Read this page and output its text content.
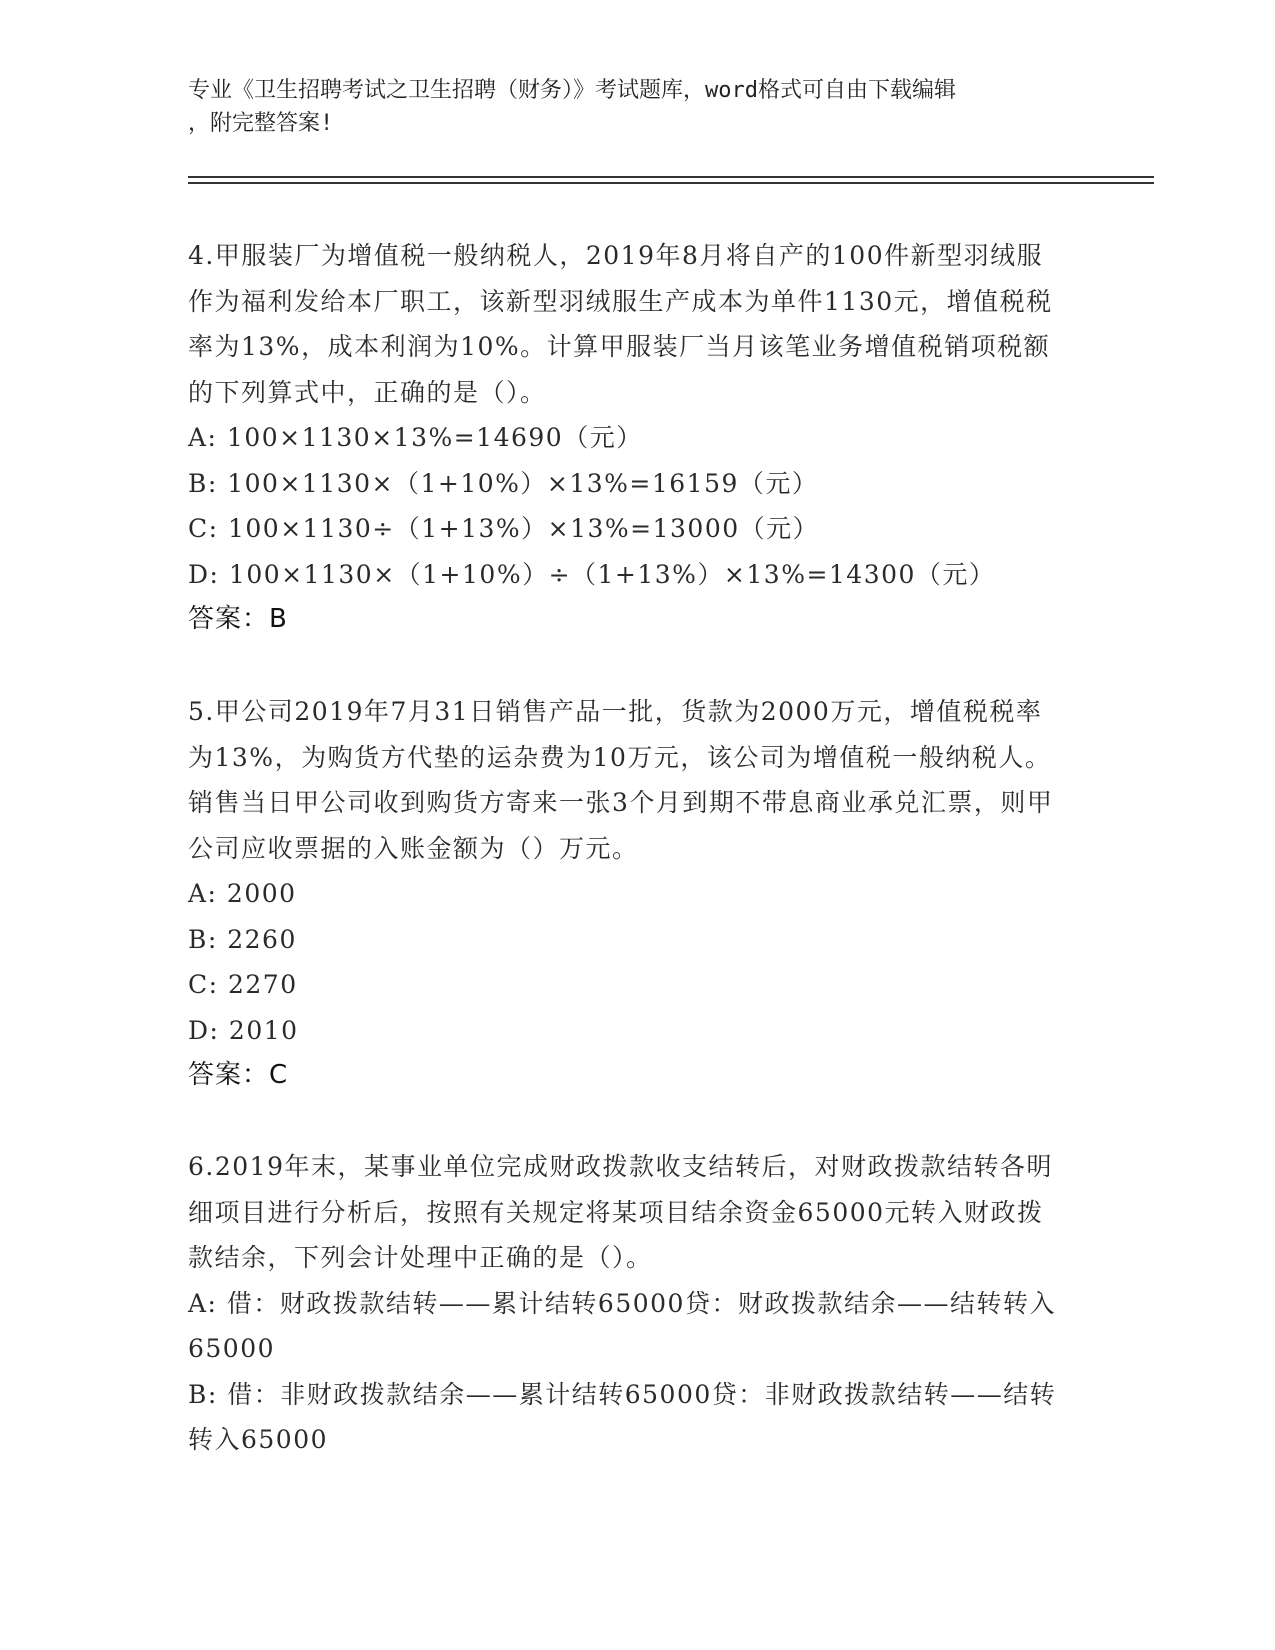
专业《卫生招聘考试之卫生招聘（财务）》考试题库，word格式可自由下载编辑
，附完整答案!

4.甲服装厂为增值税一般纳税人，2019年8月将自产的100件新型羽绒服作为福利发给本厂职工，该新型羽绒服生产成本为单件1130元，增值税税率为13%，成本利润为10%。计算甲服装厂当月该笔业务增值税销项税额的下列算式中，正确的是（）。

A: 100×1130×13%=14690（元）

B: 100×1130×（1+10%）×13%=16159（元）

C: 100×1130÷（1+13%）×13%=13000（元）

D: 100×1130×（1+10%）÷（1+13%）×13%=14300（元）

答案：B

5.甲公司2019年7月31日销售产品一批，货款为2000万元，增值税税率为13%，为购货方代垫的运杂费为10万元，该公司为增值税一般纳税人。销售当日甲公司收到购货方寄来一张3个月到期不带息商业承兑汇票，则甲公司应收票据的入账金额为（）万元。

A: 2000

B: 2260

C: 2270

D: 2010

答案：C

6.2019年末，某事业单位完成财政拨款收支结转后，对财政拨款结转各明细项目进行分析后，按照有关规定将某项目结余资金65000元转入财政拨款结余，下列会计处理中正确的是（）。

A: 借：财政拨款结转——累计结转65000贷：财政拨款结余——结转转入65000

B: 借：非财政拨款结余——累计结转65000贷：非财政拨款结转——结转转入65000
